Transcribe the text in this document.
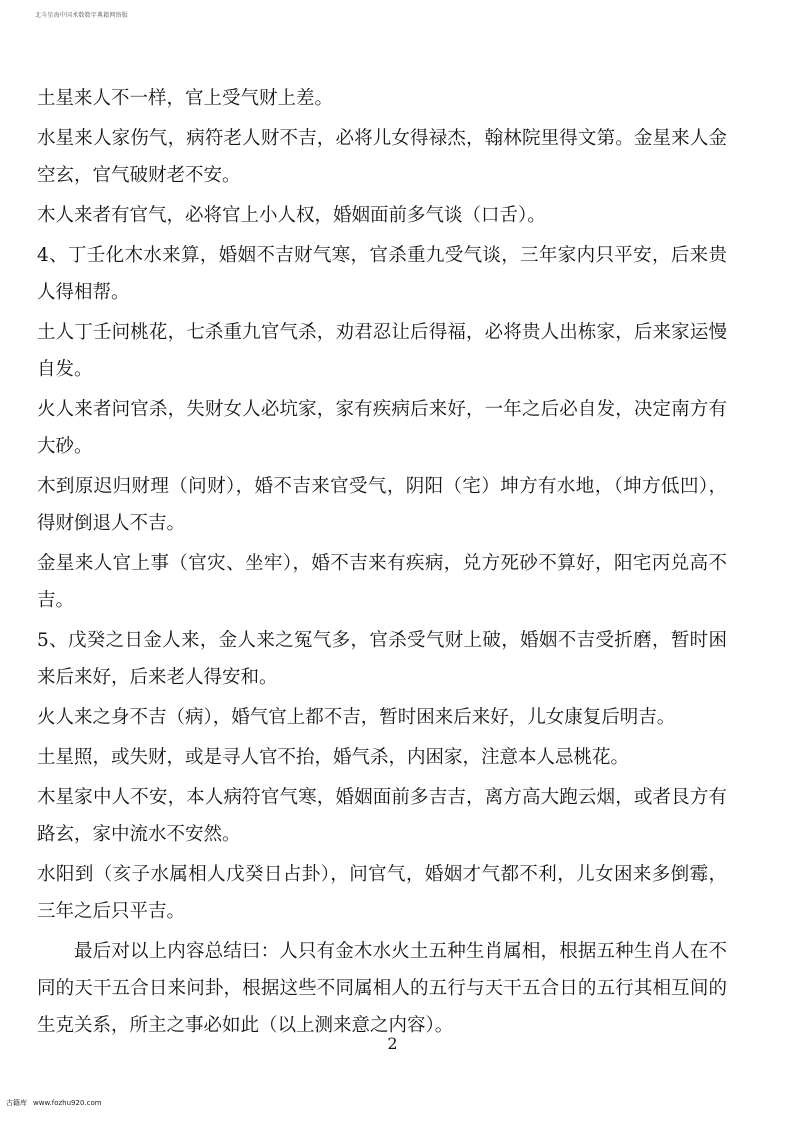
北斗星海中国术数数字典籍网络版

土星来人不一样，官上受气财上差。

水星来人家伤气，病符老人财不吉，必将儿女得禄杰，翰林院里得文第。金星来人金空玄，官气破财老不安。

木人来者有官气，必将官上小人权，婚姻面前多气谈（口舌）。

4、丁壬化木水来算，婚姻不吉财气寒，官杀重九受气谈，三年家内只平安，后来贵人得相帮。

土人丁壬问桃花，七杀重九官气杀，劝君忍让后得福，必将贵人出栋家，后来家运慢自发。

火人来者问官杀，失财女人必坑家，家有疾病后来好，一年之后必自发，决定南方有大砂。

木到原迟归财理（问财），婚不吉来官受气，阴阳（宅）坤方有水地，（坤方低凹），得财倒退人不吉。

金星来人官上事（官灾、坐牢），婚不吉来有疾病，兑方死砂不算好，阳宅丙兑高不吉。

5、戊癸之日金人来，金人来之冤气多，官杀受气财上破，婚姻不吉受折磨，暂时困来后来好，后来老人得安和。

火人来之身不吉（病），婚气官上都不吉，暂时困来后来好，儿女康复后明吉。

土星照，或失财，或是寻人官不抬，婚气杀，内困家，注意本人忌桃花。

木星家中人不安，本人病符官气寒，婚姻面前多吉吉，离方高大跑云烟，或者艮方有路玄，家中流水不安然。

水阳到（亥子水属相人戊癸日占卦），问官气，婚姻才气都不利，儿女困来多倒霉，三年之后只平吉。

最后对以上内容总结曰：人只有金木水火土五种生肖属相，根据五种生肖人在不同的天干五合日来问卦，根据这些不同属相人的五行与天干五合日的五行其相互间的生克关系，所主之事必如此（以上测来意之内容）。

2
古籍库 www.fozhu920.com
